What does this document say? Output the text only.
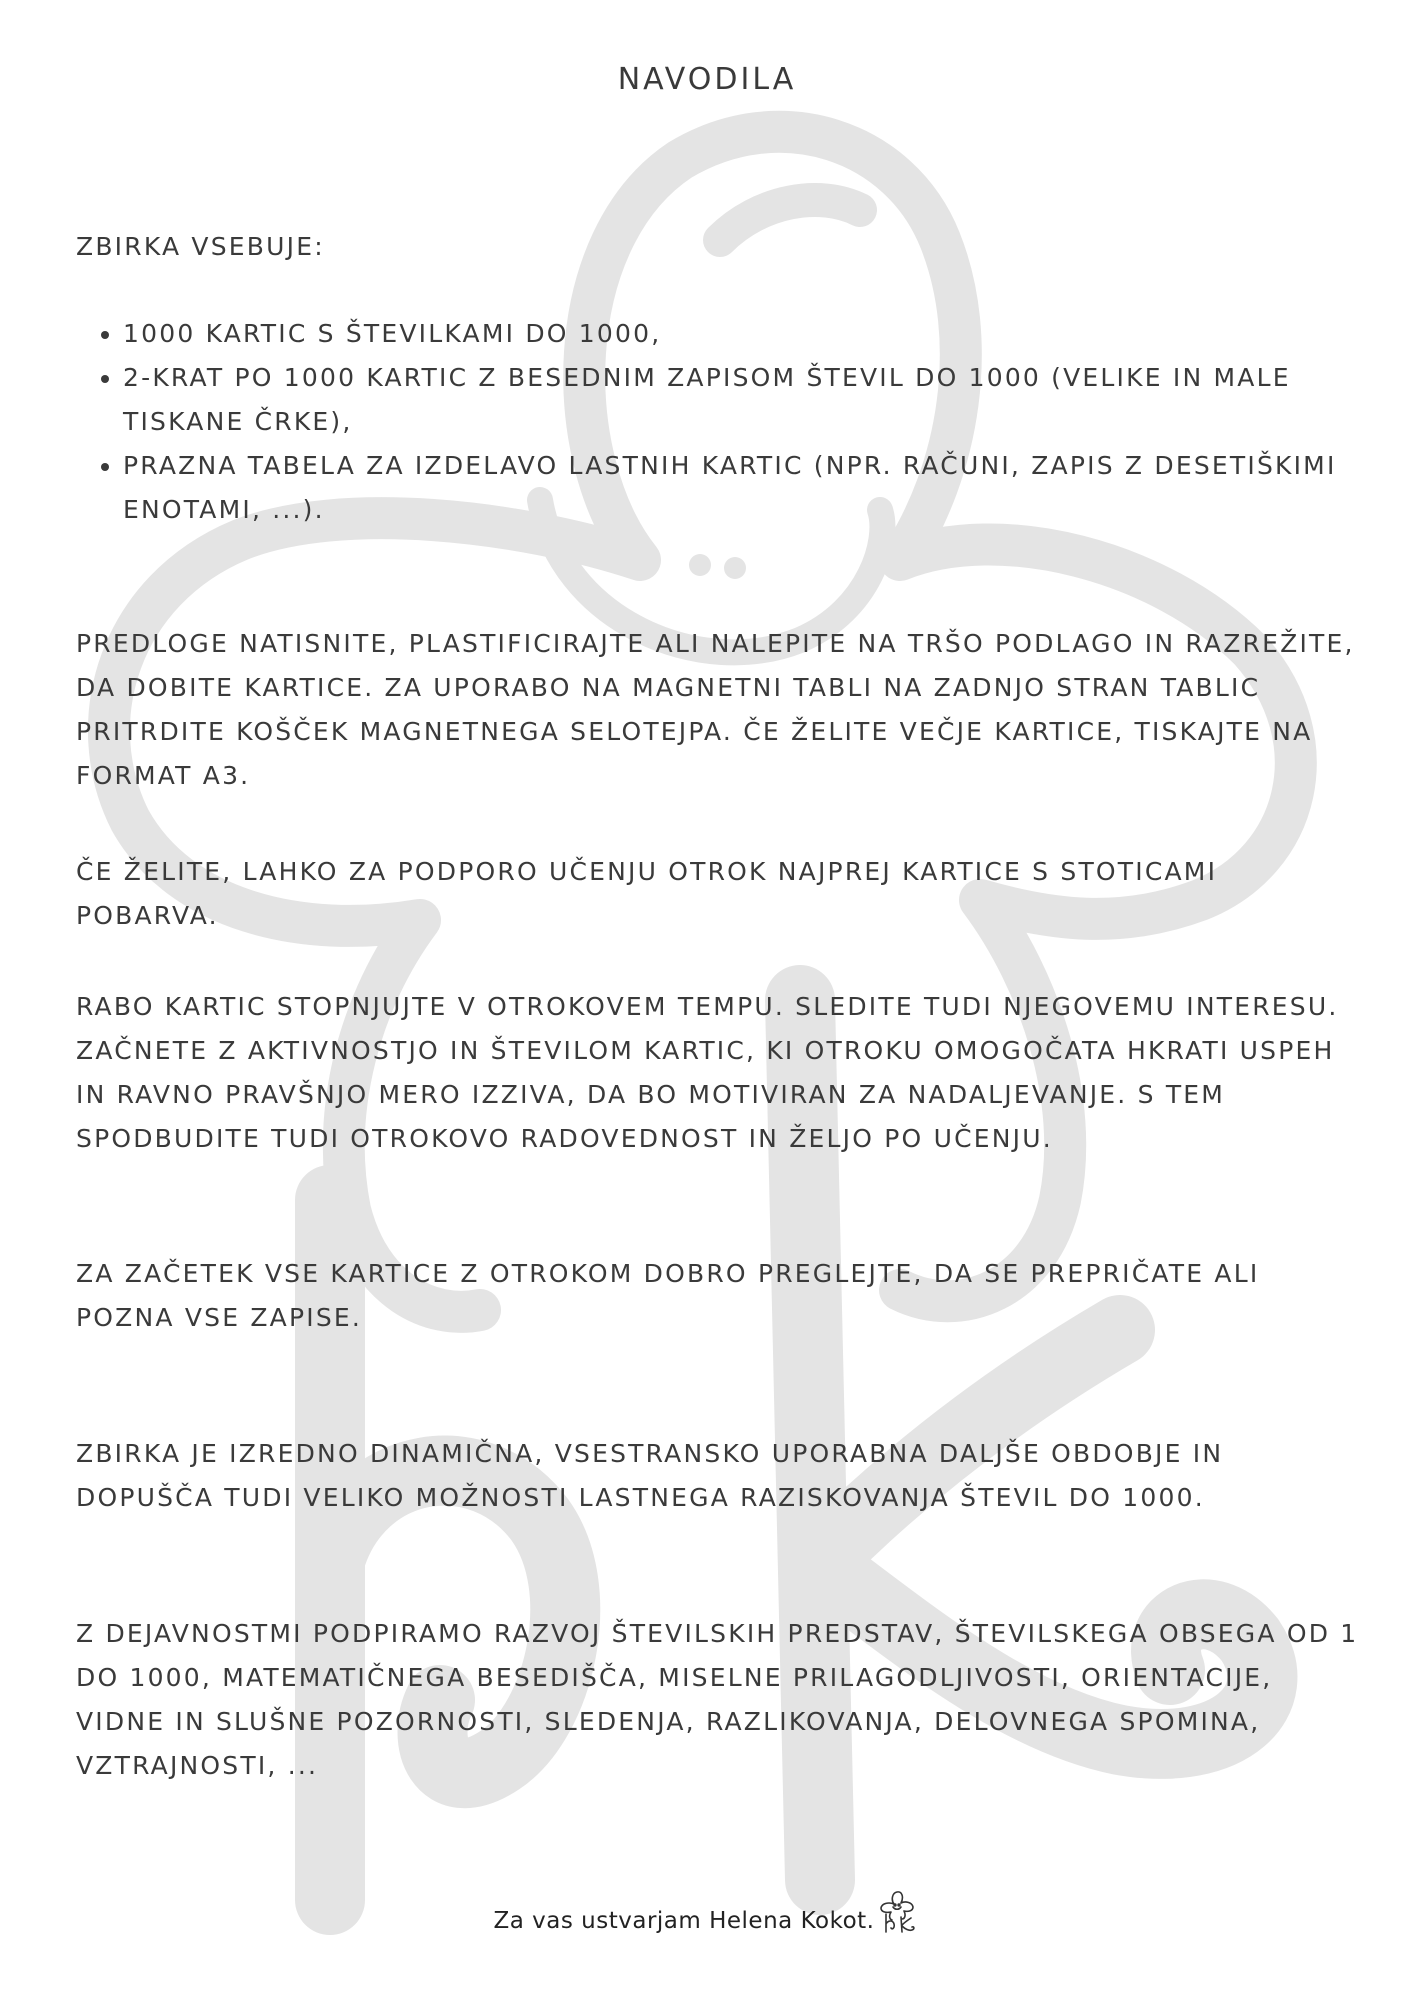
NAVODILA

ZBIRKA VSEBUJE:

• 1000 KARTIC S ŠTEVILKAMI DO 1000,
• 2-KRAT PO 1000 KARTIC Z BESEDNIM ZAPISOM ŠTEVIL DO 1000 (VELIKE IN MALE TISKANE ČRKE),
• PRAZNA TABELA ZA IZDELAVO LASTNIH KARTIC (NPR. RAČUNI, ZAPIS Z DESETIŠKIMI ENOTAMI, ...).

PREDLOGE NATISNITE, PLASTIFICIRAJTE ALI NALEPITE NA TRŠO PODLAGO IN RAZREŽITE, DA DOBITE KARTICE. ZA UPORABO NA MAGNETNI TABLI NA ZADNJO STRAN TABLIC PRITRDITE KOŠČEK MAGNETNEGA SELOTEJPA. ČE ŽELITE VEČJE KARTICE, TISKAJTE NA FORMAT A3.

ČE ŽELITE, LAHKO ZA PODPORO UČENJU OTROK NAJPREJ KARTICE S STOTICAMI POBARVA.

RABO KARTIC STOPNJUJTE V OTROKOVEM TEMPU. SLEDITE TUDI NJEGOVEMU INTERESU. ZAČNETE Z AKTIVNOSTJO IN ŠTEVILOM KARTIC, KI OTROKU OMOGOČATA HKRATI USPEH IN RAVNO PRAVŠNJO MERO IZZIVA, DA BO MOTIVIRAN ZA NADALJEVANJE. S TEM SPODBUDITE TUDI OTROKOVO RADOVEDNOST IN ŽELJO PO UČENJU.

ZA ZAČETEK VSE KARTICE Z OTROKOM DOBRO PREGLEJTE, DA SE PREPRIČATE ALI POZNA VSE ZAPISE.

ZBIRKA JE IZREDNO DINAMIČNA, VSESTRANSKO UPORABNA DALJŠE OBDOBJE IN DOPUŠČA TUDI VELIKO MOŽNOSTI LASTNEGA RAZISKOVANJA ŠTEVIL DO 1000.

Z DEJAVNOSTMI PODPIRAMO RAZVOJ ŠTEVILSKIH PREDSTAV, ŠTEVILSKEGA OBSEGA OD 1 DO 1000, MATEMATIČNEGA BESEDIŠČA, MISELNE PRILAGODLJIVOSTI, ORIENTACIJE, VIDNE IN SLUŠNE POZORNOSTI, SLEDENJA, RAZLIKOVANJA, DELOVNEGA SPOMINA, VZTRAJNOSTI, ...

Za vas ustvarjam Helena Kokot.
